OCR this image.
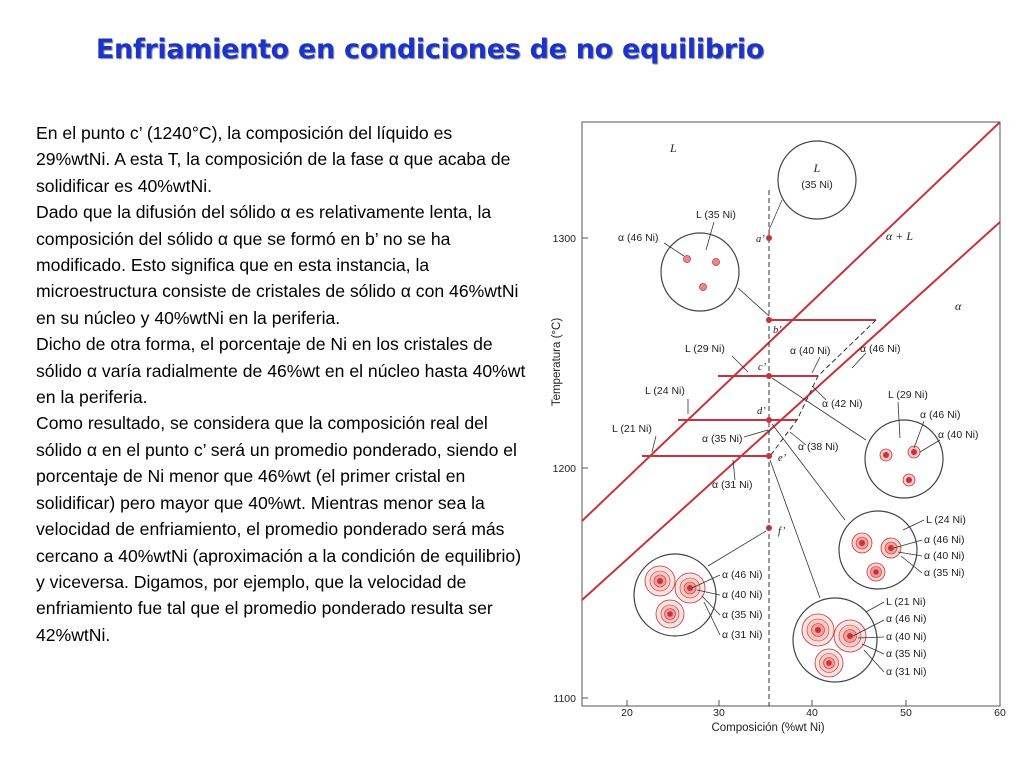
Enfriamiento en condiciones de no equilibrio

En el punto c’ (1240°C), la composición del líquido es 29%wtNi. A esta T, la composición de la fase α que acaba de solidificar es 40%wtNi.

Dado que la difusión del sólido α es relativamente lenta, la composición del sólido α que se formó en b’ no se ha modificado. Esto significa que en esta instancia, la microestructura consiste de cristales de sólido α con 46%wtNi en su núcleo y 40%wtNi en la periferia.

Dicho de otra forma, el porcentaje de Ni en los cristales de sólido α varía radialmente de 46%wt en el núcleo hasta 40%wt en la periferia.

Como resultado, se considera que la composición real del sólido α en el punto c’ será un promedio ponderado, siendo el porcentaje de Ni menor que 46%wt (el primer cristal en solidificar) pero mayor que 40%wt. Mientras menor sea la velocidad de enfriamiento, el promedio ponderado será más cercano a 40%wtNi (aproximación a la condición de equilibrio) y viceversa. Digamos, por ejemplo, que la velocidad de enfriamiento fue tal que el promedio ponderado resulta ser 42%wtNi.

1300
1200
1100
Temperatura (°C)
20	30	40	50	60
Composición (%wt Ni)
a’
b’
c’
d’
e’
f’
L
α + L
α
L (29 Ni)
L (24 Ni)
L (21 Ni)
α (40 Ni)	α (46 Ni)
α (42 Ni)
α (35 Ni)
α (38 Ni)
α (31 Ni)
L
(35 Ni)
L (35 Ni)
α (46 Ni)
L (29 Ni)
α (46 Ni)
α (40 Ni)
L (24 Ni)
α (46 Ni)
α (40 Ni)
α (35 Ni)
α (46 Ni)
α (40 Ni)
α (35 Ni)
α (31 Ni)
L (21 Ni)
α (46 Ni)
α (40 Ni)
α (35 Ni)
α (31 Ni)
